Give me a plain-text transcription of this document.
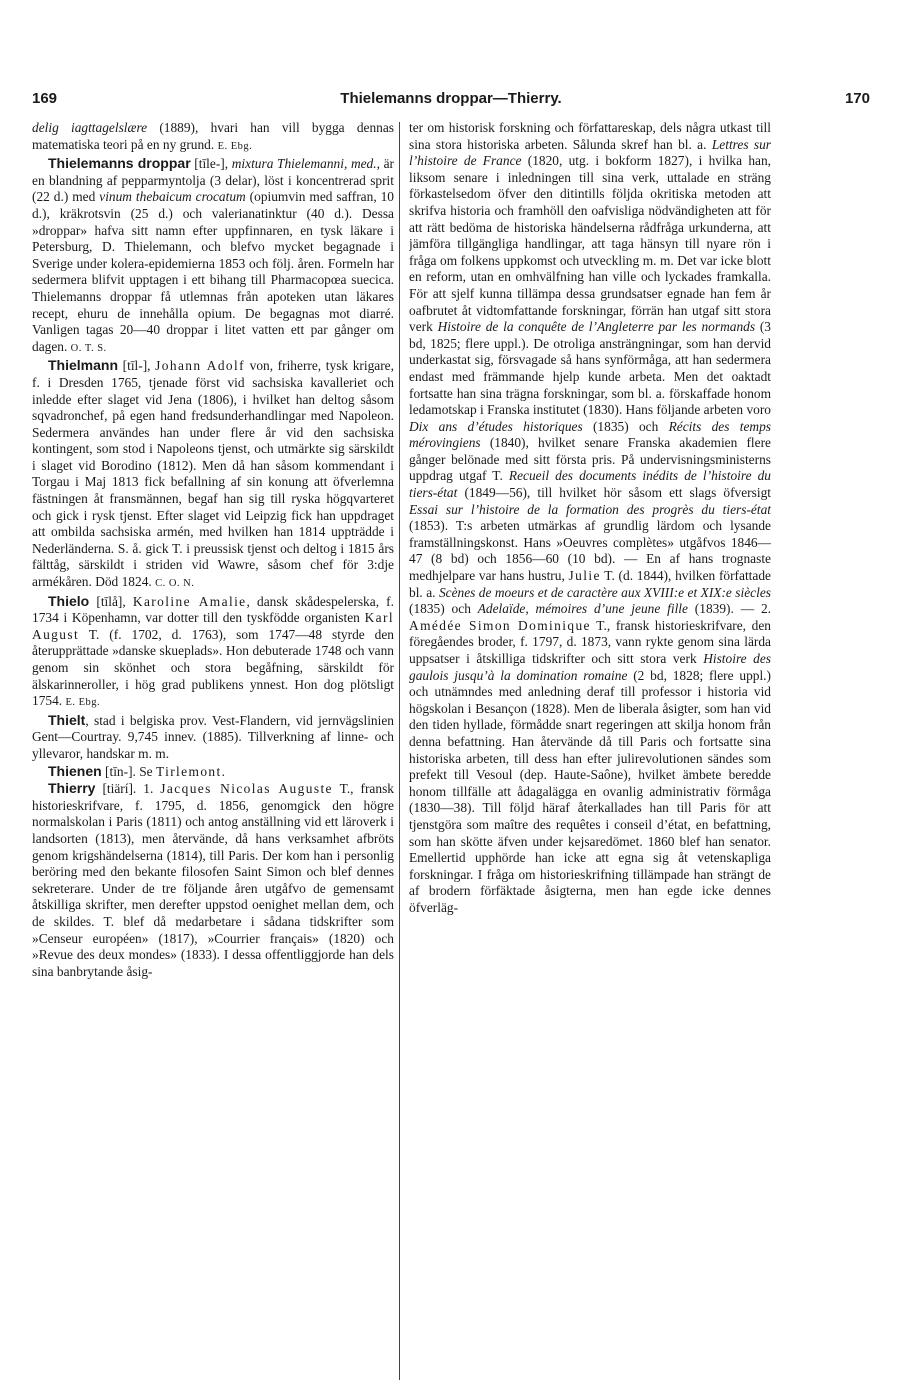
169	Thielemanns droppar—Thierry.	170

delig iagttagelslære (1889), hvari han vill bygga dennas matematiska teori på en ny grund. E. Ebg.

Thielemanns droppar [tīle-], mixtura Thielemanni, med., är en blandning af pepparmyntolja (3 delar), löst i koncentrerad sprit (22 d.) med vinum thebaicum crocatum (opiumvin med saffran, 10 d.), kräkrotsvin (25 d.) och valerianatinktur (40 d.). Dessa »droppar» hafva sitt namn efter uppfinnaren, en tysk läkare i Petersburg, D. Thielemann, och blefvo mycket begagnade i Sverige under kolera-epidemierna 1853 och följ. åren. Formeln har sedermera blifvit upptagen i ett bihang till Pharmacopœa suecica. Thielemanns droppar få utlemnas från apoteken utan läkares recept, ehuru de innehålla opium. De begagnas mot diarré. Vanligen tagas 20—40 droppar i litet vatten ett par gånger om dagen. O. T. S.

Thielmann [tīl-], Johann Adolf von, friherre, tysk krigare, f. i Dresden 1765, tjenade först vid sachsiska kavalleriet och inledde efter slaget vid Jena (1806), i hvilket han deltog såsom sqvadronchef, på egen hand fredsunderhandlingar med Napoleon. Sedermera användes han under flere år vid den sachsiska kontingent, som stod i Napoleons tjenst, och utmärkte sig särskildt i slaget vid Borodino (1812). Men då han såsom kommendant i Torgau i Maj 1813 fick befallning af sin konung att öfverlemna fästningen åt fransmännen, begaf han sig till ryska högqvarteret och gick i rysk tjenst. Efter slaget vid Leipzig fick han uppdraget att ombilda sachsiska armén, med hvilken han 1814 uppträdde i Nederländerna. S. å. gick T. i preussisk tjenst och deltog i 1815 års fälttåg, särskildt i striden vid Wawre, såsom chef för 3:dje armékåren. Död 1824. C. O. N.

Thielo [tīlå], Karoline Amalie, dansk skådespelerska, f. 1734 i Köpenhamn, var dotter till den tyskfödde organisten Karl August T. (f. 1702, d. 1763), som 1747—48 styrde den återupprättade »danske skueplads». Hon debuterade 1748 och vann genom sin skönhet och stora begåfning, särskildt för älskarinneroller, i hög grad publikens ynnest. Hon dog plötsligt 1754. E. Ebg.

Thielt, stad i belgiska prov. Vest-Flandern, vid jernvägslinien Gent—Courtray. 9,745 innev. (1885). Tillverkning af linne- och yllevaror, handskar m. m.

Thienen [tīn-]. Se Tirlemont.

Thierry [tiärí]. 1. Jacques Nicolas Auguste T., fransk historieskrifvare, f. 1795, d. 1856, genomgick den högre normalskolan i Paris (1811) och antog anställning vid ett läroverk i landsorten (1813), men återvände, då hans verksamhet afbröts genom krigshändelserna (1814), till Paris. Der kom han i personlig beröring med den bekante filosofen Saint Simon och blef dennes sekreterare. Under de tre följande åren utgåfvo de gemensamt åtskilliga skrifter, men derefter uppstod oenighet mellan dem, och de skildes. T. blef då medarbetare i sådana tidskrifter som »Censeur européen» (1817), »Courrier français» (1820) och »Revue des deux mondes» (1833). I dessa offentliggjorde han dels sina banbrytande åsig-

ter om historisk forskning och författareskap, dels några utkast till sina stora historiska arbeten. Sålunda skref han bl. a. Lettres sur l’histoire de France (1820, utg. i bokform 1827), i hvilka han, liksom senare i inledningen till sina verk, uttalade en sträng förkastelsedom öfver den ditintills följda okritiska metoden att skrifva historia och framhöll den oafvisliga nödvändigheten att för att rätt bedöma de historiska händelserna rådfråga urkunderna, att jämföra tillgängliga handlingar, att taga hänsyn till nyare rön i fråga om folkens uppkomst och utveckling m. m. Det var icke blott en reform, utan en omhvälfning han ville och lyckades framkalla. För att sjelf kunna tillämpa dessa grundsatser egnade han fem år oafbrutet åt vidtomfattande forskningar, förrän han utgaf sitt stora verk Histoire de la conquête de l’Angleterre par les normands (3 bd, 1825; flere uppl.). De otroliga ansträngningar, som han dervid underkastat sig, försvagade så hans synförmåga, att han sedermera endast med främmande hjelp kunde arbeta. Men det oaktadt fortsatte han sina trägna forskningar, som bl. a. förskaffade honom ledamotskap i Franska institutet (1830). Hans följande arbeten voro Dix ans d’études historiques (1835) och Récits des temps mérovingiens (1840), hvilket senare Franska akademien flere gånger belönade med sitt första pris. På undervisningsministerns uppdrag utgaf T. Recueil des documents inédits de l’histoire du tiers-état (1849—56), till hvilket hör såsom ett slags öfversigt Essai sur l’histoire de la formation des progrès du tiers-état (1853). T:s arbeten utmärkas af grundlig lärdom och lysande framställningskonst. Hans »Oeuvres complètes» utgåfvos 1846—47 (8 bd) och 1856—60 (10 bd). — En af hans trognaste medhjelpare var hans hustru, Julie T. (d. 1844), hvilken författade bl. a. Scènes de moeurs et de caractère aux XVIII:e et XIX:e siècles (1835) och Adelaïde, mémoires d’une jeune fille (1839). — 2. Amédée Simon Dominique T., fransk historieskrifvare, den föregåendes broder, f. 1797, d. 1873, vann rykte genom sina lärda uppsatser i åtskilliga tidskrifter och sitt stora verk Histoire des gaulois jusqu’à la domination romaine (2 bd, 1828; flere uppl.) och utnämndes med anledning deraf till professor i historia vid högskolan i Besançon (1828). Men de liberala åsigter, som han vid den tiden hyllade, förmådde snart regeringen att skilja honom från denna befattning. Han återvände då till Paris och fortsatte sina historiska arbeten, till dess han efter julirevolutionen sändes som prefekt till Vesoul (dep. Haute-Saône), hvilket ämbete beredde honom tillfälle att ådagalägga en ovanlig administrativ förmåga (1830—38). Till följd häraf återkallades han till Paris för att tjenstgöra som maître des requêtes i conseil d’état, en befattning, som han skötte äfven under kejsaredömet. 1860 blef han senator. Emellertid upphörde han icke att egna sig åt vetenskapliga forskningar. I fråga om historieskrifning tillämpade han strängt de af brodern förfäktade åsigterna, men han egde icke dennes öfverläg-
